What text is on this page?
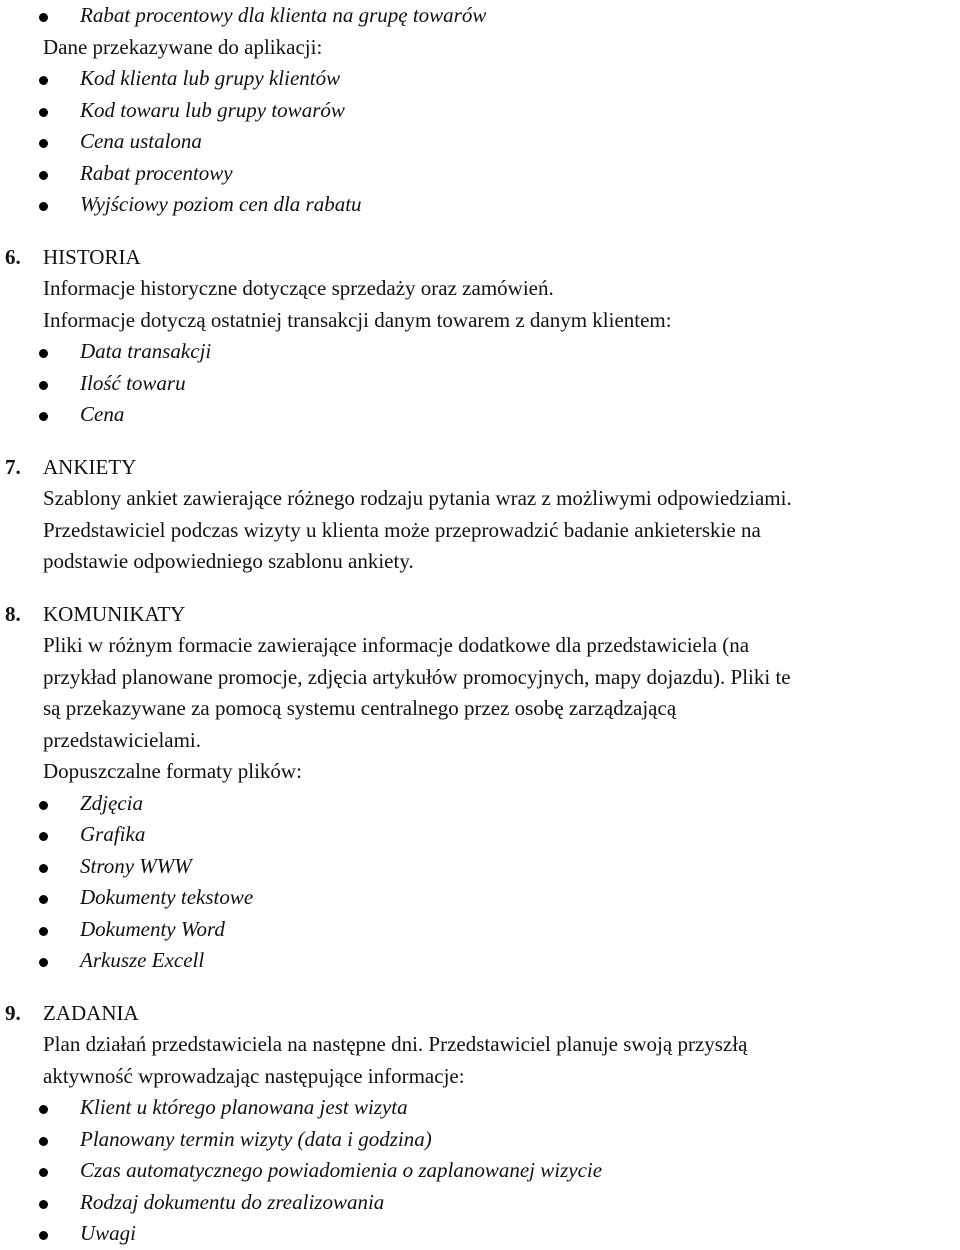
Rabat procentowy dla klienta na grupę towarów
Dane przekazywane do aplikacji:
Kod klienta lub grupy klientów
Kod towaru lub grupy towarów
Cena ustalona
Rabat procentowy
Wyjściowy poziom cen dla rabatu
6. HISTORIA
Informacje historyczne dotyczące sprzedaży oraz zamówień.
Informacje dotyczą ostatniej transakcji danym towarem z danym klientem:
Data transakcji
Ilość towaru
Cena
7. ANKIETY
Szablony ankiet zawierające różnego rodzaju pytania wraz z możliwymi odpowiedziami.
Przedstawiciel podczas wizyty u klienta może przeprowadzić badanie ankieterskie na
podstawie odpowiedniego szablonu ankiety.
8. KOMUNIKATY
Pliki w różnym formacie zawierające informacje dodatkowe dla przedstawiciela (na
przykład planowane promocje, zdjęcia artykułów promocyjnych, mapy dojazdu). Pliki te
są przekazywane za pomocą systemu centralnego przez osobę zarządzającą
przedstawicielami.
Dopuszczalne formaty plików:
Zdjęcia
Grafika
Strony WWW
Dokumenty tekstowe
Dokumenty Word
Arkusze Excell
9. ZADANIA
Plan działań przedstawiciela na następne dni. Przedstawiciel planuje swoją przyszłą
aktywność wprowadzając następujące informacje:
Klient u którego planowana jest wizyta
Planowany termin wizyty (data i godzina)
Czas automatycznego powiadomienia o zaplanowanej wizycie
Rodzaj dokumentu do zrealizowania
Uwagi
